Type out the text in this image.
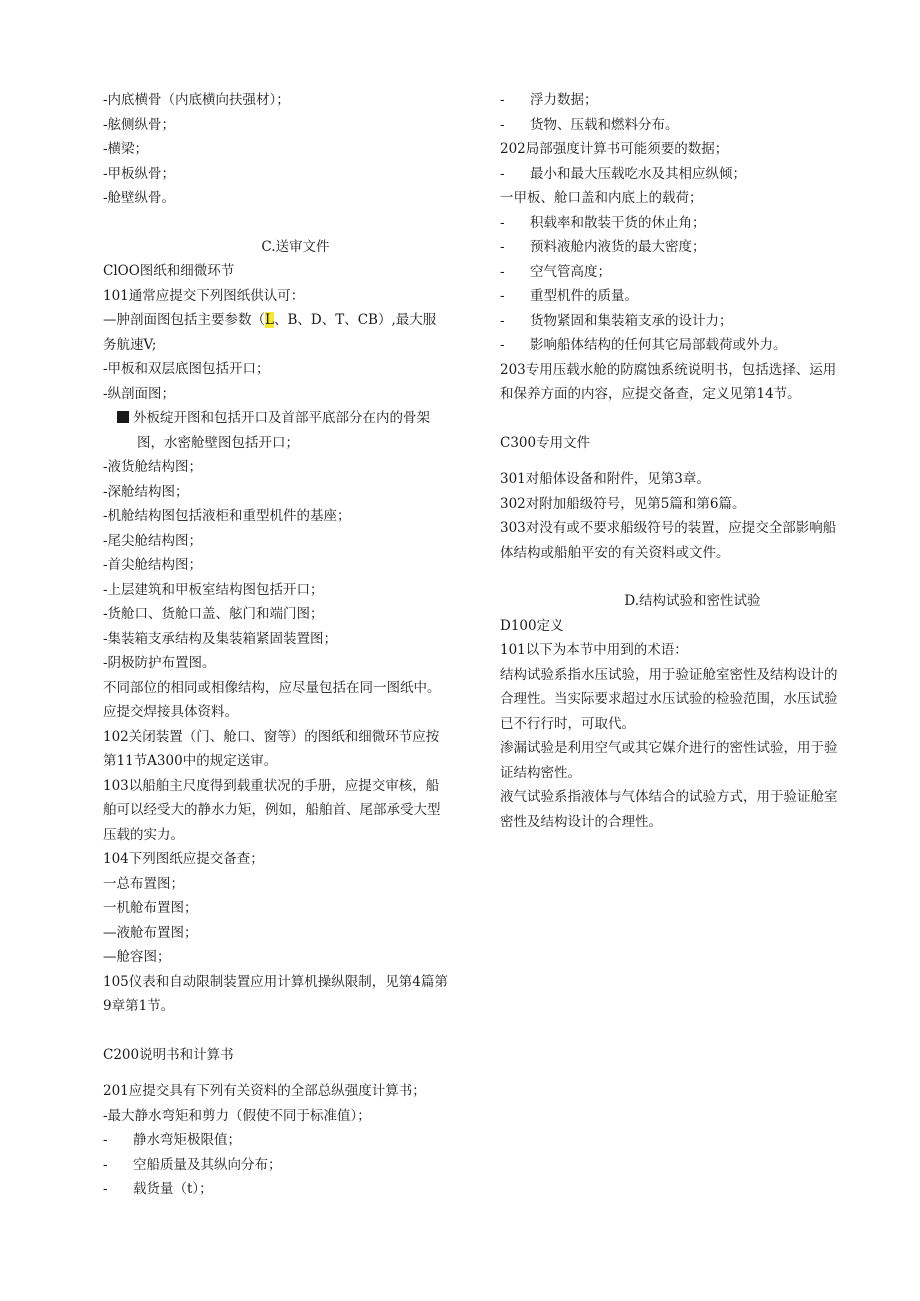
-内底横骨（内底横向扶强材）；
-舷侧纵骨；
-横梁；
-甲板纵骨；
-舱壁纵骨。
C.送审文件
ClOO图纸和细微环节
101通常应提交下列图纸供认可：
—肿剖面图包括主要参数（L、B、D、T、CB）,最大服
务航速V;
-甲板和双层底图包括开口；
-纵剖面图；
外板绽开图和包括开口及首部平底部分在内的骨架
图，水密舱壁图包括开口；
-液货舱结构图；
-深舱结构图；
-机舱结构图包括液柜和重型机件的基座；
-尾尖舱结构图；
-首尖舱结构图；
-上层建筑和甲板室结构图包括开口；
-货舱口、货舱口盖、舷门和端门图；
-集装箱支承结构及集装箱紧固装置图；
-阴极防护布置图。
不同部位的相同或相像结构，应尽量包括在同一图纸中。
应提交焊接具体资料。
102关闭装置（门、舱口、窗等）的图纸和细微环节应按
第11节A300中的规定送审。
103以船舶主尺度得到载重状况的手册，应提交审核，船
舶可以经受大的静水力矩，例如，船舶首、尾部承受大型
压载的实力。
104下列图纸应提交备查；
一总布置图；
一机舱布置图；
—液舱布置图；
—舱容图；
105仪表和自动限制装置应用计算机操纵限制，见第4篇第
9章第1节。
C200说明书和计算书
201应提交具有下列有关资料的全部总纵强度计算书；
-最大静水弯矩和剪力（假使不同于标准值）；
- 静水弯矩极限值；
- 空船质量及其纵向分布；
- 载货量（t）；
- 浮力数据；
- 货物、压载和燃料分布。
202局部强度计算书可能须要的数据；
- 最小和最大压载吃水及其相应纵倾；
一甲板、舱口盖和内底上的载荷；
- 积载率和散装干货的休止角；
- 预料液舱内液货的最大密度；
- 空气管高度；
- 重型机件的质量。
- 货物紧固和集装箱支承的设计力；
- 影响船体结构的任何其它局部载荷或外力。
203专用压载水舱的防腐蚀系统说明书，包括选择、运用
和保养方面的内容，应提交备查，定义见第14节。
C300专用文件
301对船体设备和附件，见第3章。
302对附加船级符号，见第5篇和第6篇。
303对没有或不要求船级符号的装置，应提交全部影响船
体结构或船舶平安的有关资料或文件。
D.结构试验和密性试验
D100定义
101以下为本节中用到的术语：
结构试验系指水压试验，用于验证舱室密性及结构设计的
合理性。当实际要求超过水压试验的检验范围，水压试验
已不行行时，可取代。
渗漏试验是利用空气或其它媒介进行的密性试验，用于验
证结构密性。
液气试验系指液体与气体结合的试验方式，用于验证舱室
密性及结构设计的合理性。
